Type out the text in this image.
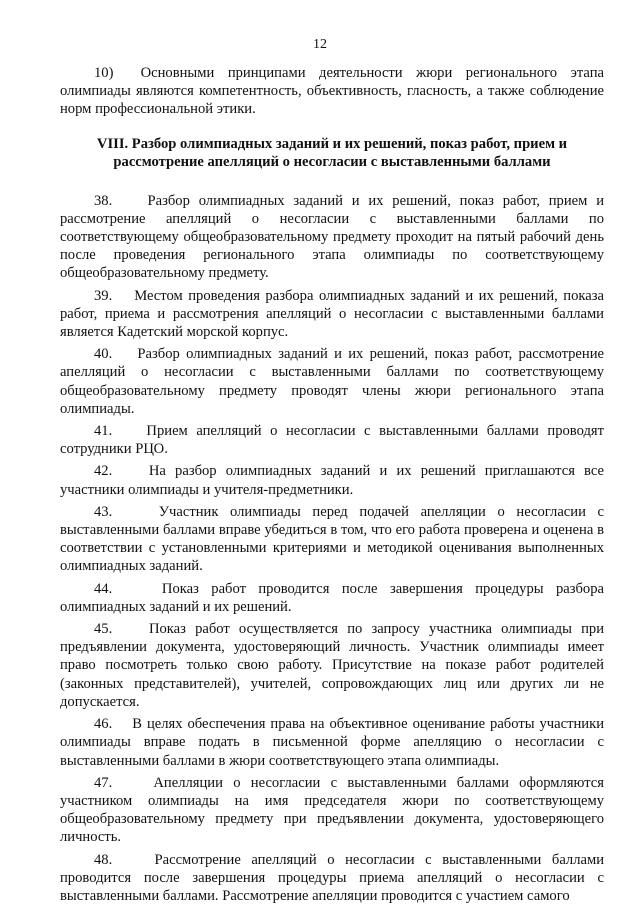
12

10) Основными принципами деятельности жюри регионального этапа олимпиады являются компетентность, объективность, гласность, а также соблюдение норм профессиональной этики.

VIII. Разбор олимпиадных заданий и их решений, показ работ, прием и рассмотрение апелляций о несогласии с выставленными баллами

38. Разбор олимпиадных заданий и их решений, показ работ, прием и рассмотрение апелляций о несогласии с выставленными баллами по соответствующему общеобразовательному предмету проходит на пятый рабочий день после проведения регионального этапа олимпиады по соответствующему общеобразовательному предмету.

39. Местом проведения разбора олимпиадных заданий и их решений, показа работ, приема и рассмотрения апелляций о несогласии с выставленными баллами является Кадетский морской корпус.

40. Разбор олимпиадных заданий и их решений, показ работ, рассмотрение апелляций о несогласии с выставленными баллами по соответствующему общеобразовательному предмету проводят члены жюри регионального этапа олимпиады.

41. Прием апелляций о несогласии с выставленными баллами проводят сотрудники РЦО.

42.	На разбор олимпиадных заданий и их решений приглашаются все участники олимпиады и учителя-предметники.

43.	Участник олимпиады перед подачей апелляции о несогласии с выставленными баллами вправе убедиться в том, что его работа проверена и оценена в соответствии с установленными критериями и методикой оценивания выполненных олимпиадных заданий.

44.	Показ работ проводится после завершения процедуры разбора олимпиадных заданий и их решений.

45.	Показ работ осуществляется по запросу участника олимпиады при предъявлении документа, удостоверяющий личность. Участник олимпиады имеет право посмотреть только свою работу. Присутствие на показе работ родителей (законных представителей), учителей, сопровождающих лиц или других ли не допускается.

46. В целях обеспечения права на объективное оценивание работы участники олимпиады вправе подать в письменной форме апелляцию о несогласии с выставленными баллами в жюри соответствующего этапа олимпиады.

47.	Апелляции о несогласии с выставленными баллами оформляются участником олимпиады на имя председателя жюри по соответствующему общеобразовательному предмету при предъявлении документа, удостоверяющего личность.

48.	Рассмотрение апелляций о несогласии с выставленными баллами проводится после завершения процедуры приема апелляций о несогласии с выставленными баллами. Рассмотрение апелляции проводится с участием самого
